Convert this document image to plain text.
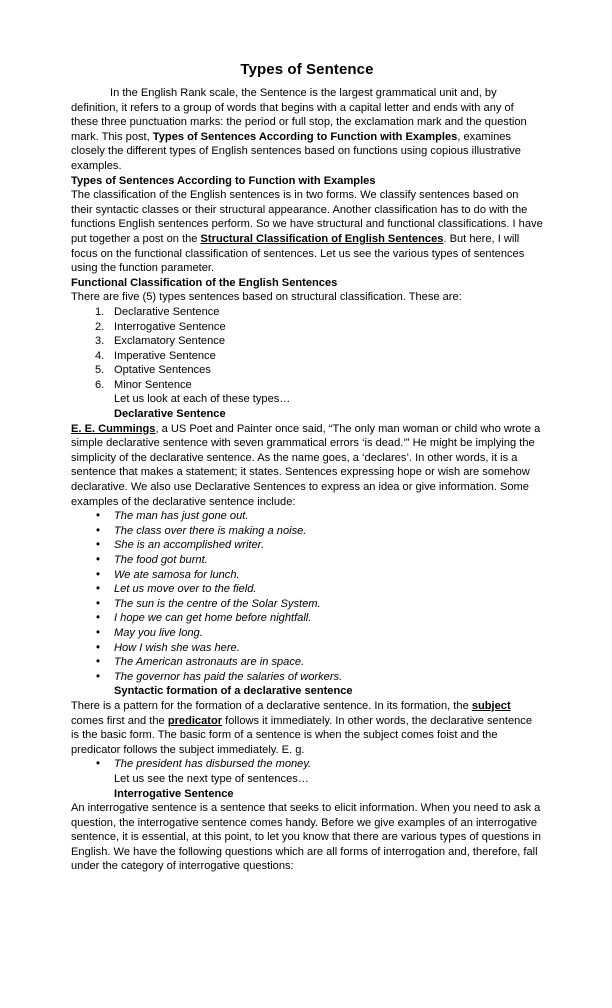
Types of Sentence

In the English Rank scale, the Sentence is the largest grammatical unit and, by definition, it refers to a group of words that begins with a capital letter and ends with any of these three punctuation marks: the period or full stop, the exclamation mark and the question mark. This post, Types of Sentences According to Function with Examples, examines closely the different types of English sentences based on functions using copious illustrative examples.

Types of Sentences According to Function with Examples

The classification of the English sentences is in two forms. We classify sentences based on their syntactic classes or their structural appearance. Another classification has to do with the functions English sentences perform. So we have structural and functional classifications. I have put together a post on the Structural Classification of English Sentences. But here, I will focus on the functional classification of sentences. Let us see the various types of sentences using the function parameter.

Functional Classification of the English Sentences

There are five (5) types sentences based on structural classification. These are:

Declarative Sentence
Interrogative Sentence
Exclamatory Sentence
Imperative Sentence
Optative Sentences
Minor Sentence
Let us look at each of these types…
Declarative Sentence

E. E. Cummings, a US Poet and Painter once said, “The only man woman or child who wrote a simple declarative sentence with seven grammatical errors ‘is dead.’” He might be implying the simplicity of the declarative sentence. As the name goes, a ‘declares’. In other words, it is a sentence that makes a statement; it states. Sentences expressing hope or wish are somehow declarative. We also use Declarative Sentences to express an idea or give information. Some examples of the declarative sentence include:

• The man has just gone out.
• The class over there is making a noise.
• She is an accomplished writer.
• The food got burnt.
• We ate samosa for lunch.
• Let us move over to the field.
• The sun is the centre of the Solar System.
• I hope we can get home before nightfall.
• May you live long.
• How I wish she was here.
• The American astronauts are in space.
• The governor has paid the salaries of workers.
Syntactic formation of a declarative sentence

There is a pattern for the formation of a declarative sentence. In its formation, the subject comes first and the predicator follows it immediately. In other words, the declarative sentence is the basic form. The basic form of a sentence is when the subject comes foist and the predicator follows the subject immediately. E. g.

• The president has disbursed the money.
Let us see the next type of sentences…
Interrogative Sentence

An interrogative sentence is a sentence that seeks to elicit information. When you need to ask a question, the interrogative sentence comes handy. Before we give examples of an interrogative sentence, it is essential, at this point, to let you know that there are various types of questions in English. We have the following questions which are all forms of interrogation and, therefore, fall under the category of interrogative questions:
